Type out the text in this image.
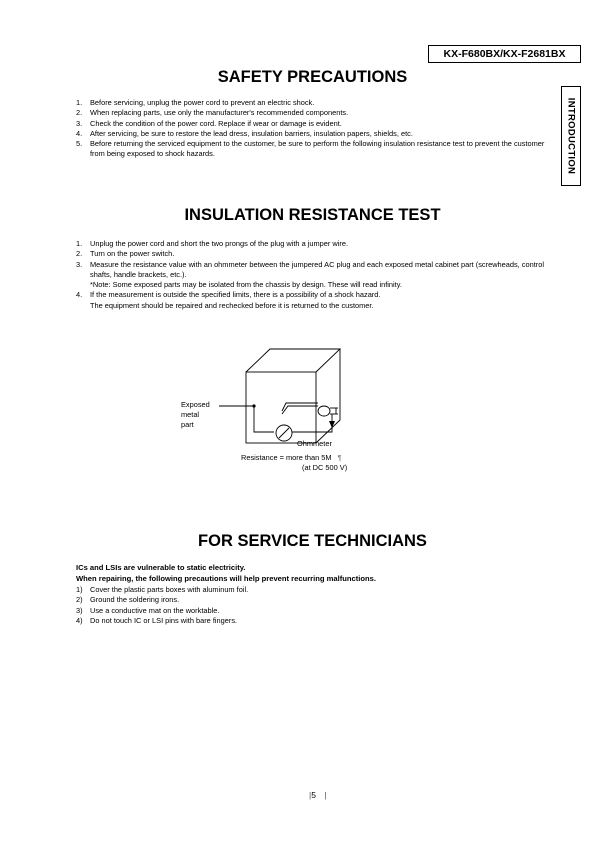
KX-F680BX/KX-F2681BX
INTRODUCTION
SAFETY PRECAUTIONS
1.	Before servicing, unplug the power cord to prevent an electric shock.
2.	When replacing parts, use only the manufacturer's recommended components.
3.	Check the condition of the power cord. Replace if wear or damage is evident.
4.	After servicing, be sure to restore the lead dress, insulation barriers, insulation papers, shields, etc.
5.	Before returning the serviced equipment to the customer, be sure to perform the following insulation resistance test to prevent the customer from being exposed to shock hazards.
INSULATION RESISTANCE TEST
1.	Unplug the power cord and short the two prongs of the plug with a jumper wire.
2.	Turn on the power switch.
3.	Measure the resistance value with an ohmmeter between the jumpered AC plug and each exposed metal cabinet part (screwheads, control shafts, handle brackets, etc.).
*Note: Some exposed parts may be isolated from the chassis by design. These will read infinity.
4.	If the measurement is outside the specified limits, there is a possibility of a shock hazard.
The equipment should be repaired and rechecked before it is returned to the customer.
Exposed
metal
part
Ohmmeter
Resistance = more than 5M ¶
(at DC 500 V)
FOR SERVICE TECHNICIANS
ICs and LSIs are vulnerable to static electricity.
When repairing, the following precautions will help prevent recurring malfunctions.
1)	Cover the plastic parts boxes with aluminum foil.
2)	Ground the soldering irons.
3)	Use a conductive mat on the worktable.
4)	Do not touch IC or LSI pins with bare fingers.
|5 |
